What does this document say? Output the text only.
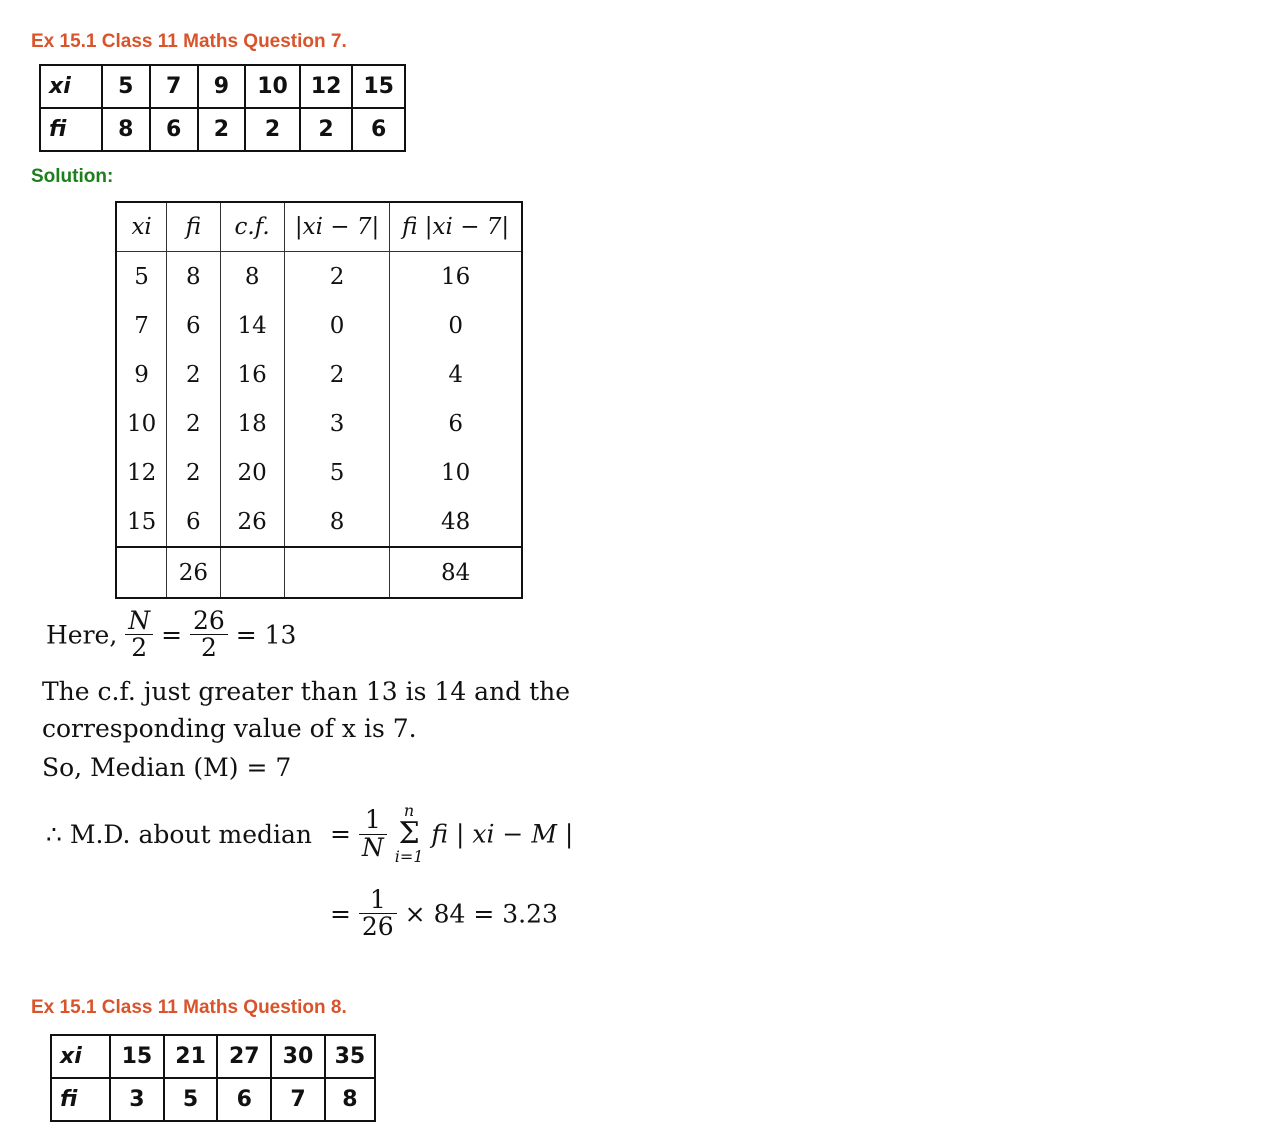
Ex 15.1 Class 11 Maths Question 7.
xi	5	7	9	10	12	15
fi	8	6	2	2	2	6
Solution:
xi	fi	c.f.	|xi − 7|	fi |xi − 7|
5	8	8	2	16
7	6	14	0	0
9	2	16	2	4
10	2	18	3	6
12	2	20	5	10
15	6	26	8	48
	26			84
Here, $\frac{N}{2} = \frac{26}{2} = 13$
The c.f. just greater than 13 is 14 and the
corresponding value of x is 7.
So, Median (M) = 7
∴ M.D. about median = $\frac{1}{N}$
	n
Σ
i=1
fi | xi − M |
= $\frac{1}{26} \times 84 = 3.23$
Ex 15.1 Class 11 Maths Question 8.
xi	15	21	27	30	35
fi	3	5	6	7	8
